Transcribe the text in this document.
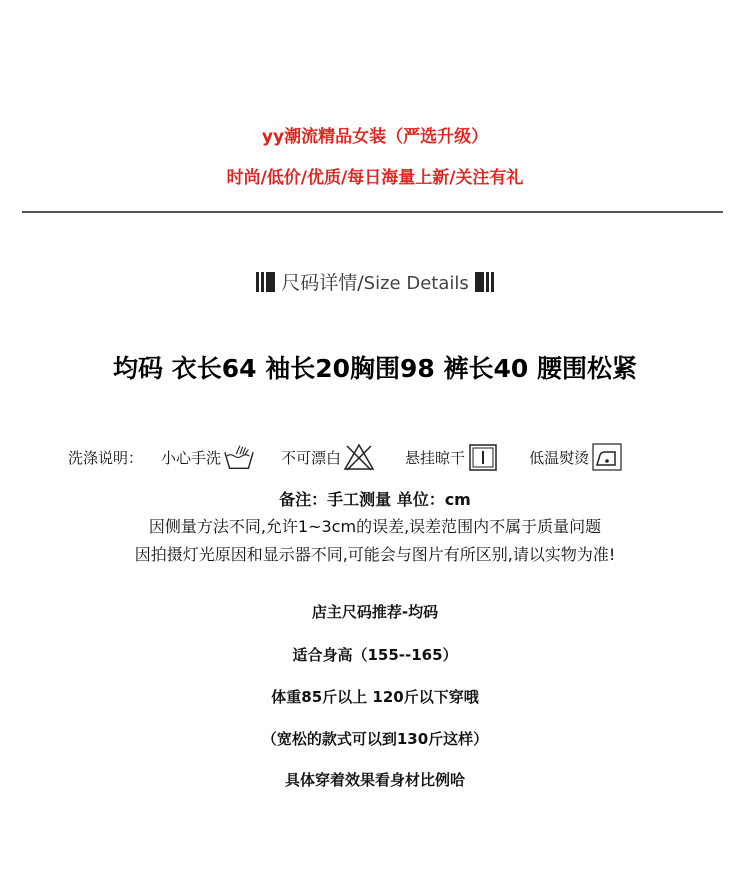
yy潮流精品女装（严选升级）
时尚/低价/优质/每日海量上新/关注有礼
尺码详情/Size Details
均码 衣长64 袖长20胸围98 裤长40 腰围松紧
洗涤说明： 小心手洗	不可漂白	悬挂晾干	低温熨烫
备注：手工测量 单位：cm
因侧量方法不同,允许1~3cm的误差,误差范围内不属于质量问题
因拍摄灯光原因和显示器不同,可能会与图片有所区别,请以实物为准!
店主尺码推荐-均码
适合身高（155--165）
体重85斤以上 120斤以下穿哦
（宽松的款式可以到130斤这样）
具体穿着效果看身材比例哈
